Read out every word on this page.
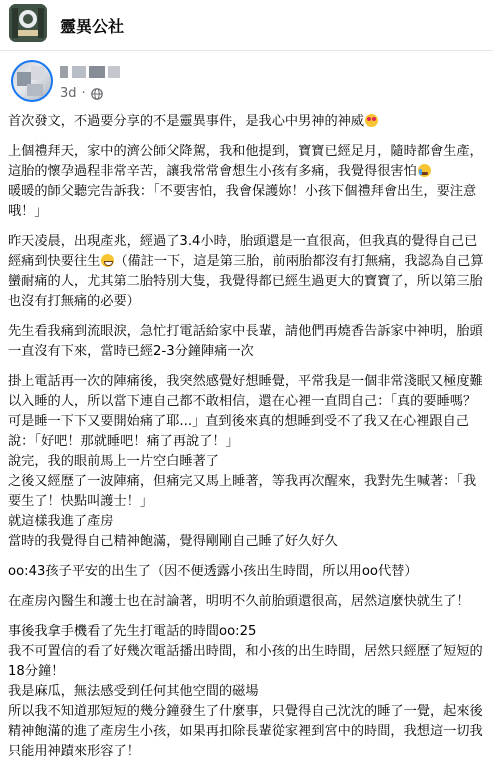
靈異公社
3d ·

首次發文，不過要分享的不是靈異事件，是我心中男神的神威

上個禮拜天，家中的濟公師父降駕，我和他提到，寶寶已經足月，隨時都會生產，這胎的懷孕過程非常辛苦，讓我常常會想生小孩有多痛，我覺得很害怕

暖暖的師父聽完告訴我：「不要害怕，我會保護妳！小孩下個禮拜會出生，要注意哦！」

昨天凌晨，出現產兆，經過了3.4小時，胎頭還是一直很高，但我真的覺得自己已經痛到快要往生 （備註一下，這是第三胎，前兩胎都沒有打無痛，我認為自己算蠻耐痛的人，尤其第二胎特別大隻，我覺得都已經生過更大的寶寶了，所以第三胎也沒有打無痛的必要）

先生看我痛到流眼淚，急忙打電話給家中長輩，請他們再燒香告訴家中神明，胎頭一直沒有下來，當時已經2-3分鐘陣痛一次

掛上電話再一次的陣痛後，我突然感覺好想睡覺，平常我是一個非常淺眠又極度難以入睡的人，所以當下連自己都不敢相信，還在心裡一直問自己：「真的要睡嗎？可是睡一下下又要開始痛了耶...」直到後來真的想睡到受不了我又在心裡跟自己說：「好吧！那就睡吧！痛了再說了！」
說完，我的眼前馬上一片空白睡著了
之後又經歷了一波陣痛，但痛完又馬上睡著，等我再次醒來，我對先生喊著：「我要生了！快點叫護士！」
就這樣我進了產房
當時的我覺得自己精神飽滿，覺得剛剛自己睡了好久好久

oo:43孩子平安的出生了（因不便透露小孩出生時間，所以用oo代替）

在產房內醫生和護士也在討論著，明明不久前胎頭還很高，居然這麼快就生了！

事後我拿手機看了先生打電話的時間oo:25
我不可置信的看了好幾次電話播出時間，和小孩的出生時間，居然只經歷了短短的18分鐘！
我是麻瓜，無法感受到任何其他空間的磁場
所以我不知道那短短的幾分鐘發生了什麼事，只覺得自己沈沈的睡了一覺，起來後精神飽滿的進了產房生小孩，如果再扣除長輩從家裡到宮中的時間，我想這一切我只能用神蹟來形容了！
